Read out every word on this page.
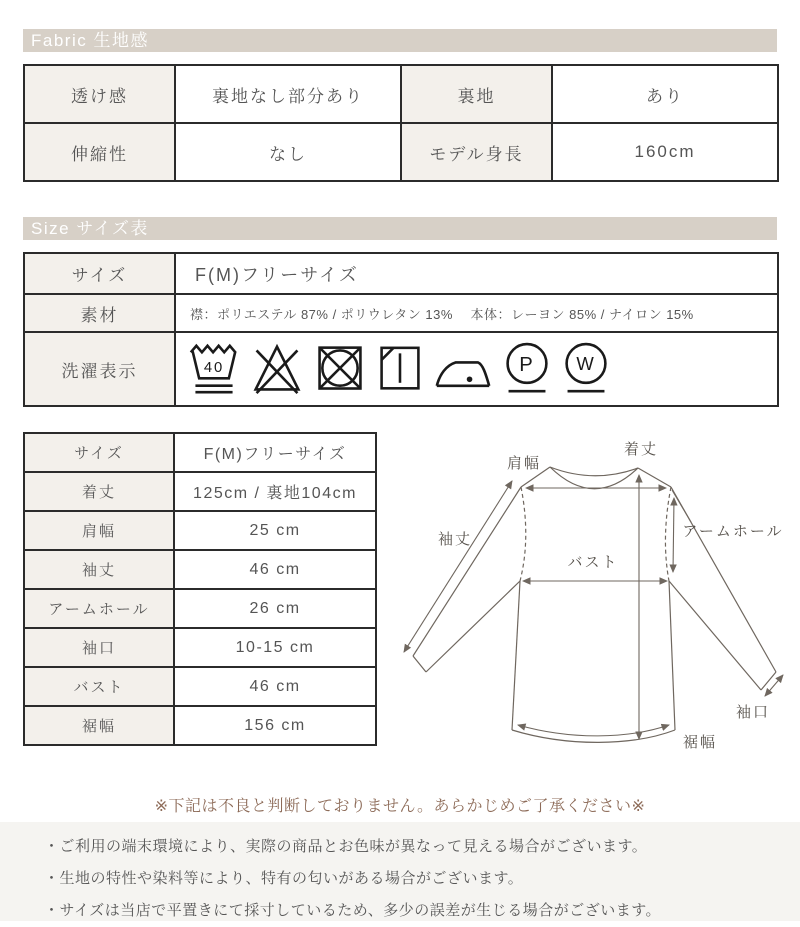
Fabric 生地感
透け感	裏地なし部分あり	裏地	あり
伸縮性	なし	モデル身長	160cm
Size サイズ表
サイズ	F(M)フリーサイズ
素材	襟：ポリエステル 87% / ポリウレタン 13%　 本体：レーヨン 85% / ナイロン 15%
洗濯表示	40 P W
サイズ	F(M)フリーサイズ
着丈	125cm / 裏地104cm
肩幅	25 cm
袖丈	46 cm
アームホール	26 cm
袖口	10-15 cm
バスト	46 cm
裾幅	156 cm
着丈
肩幅
袖丈	アームホール
バスト
袖口
裾幅
※下記は不良と判断しておりません。あらかじめご了承ください※
・ご利用の端末環境により、実際の商品とお色味が異なって見える場合がございます。
・生地の特性や染料等により、特有の匂いがある場合がございます。
・サイズは当店で平置きにて採寸しているため、多少の誤差が生じる場合がございます。
